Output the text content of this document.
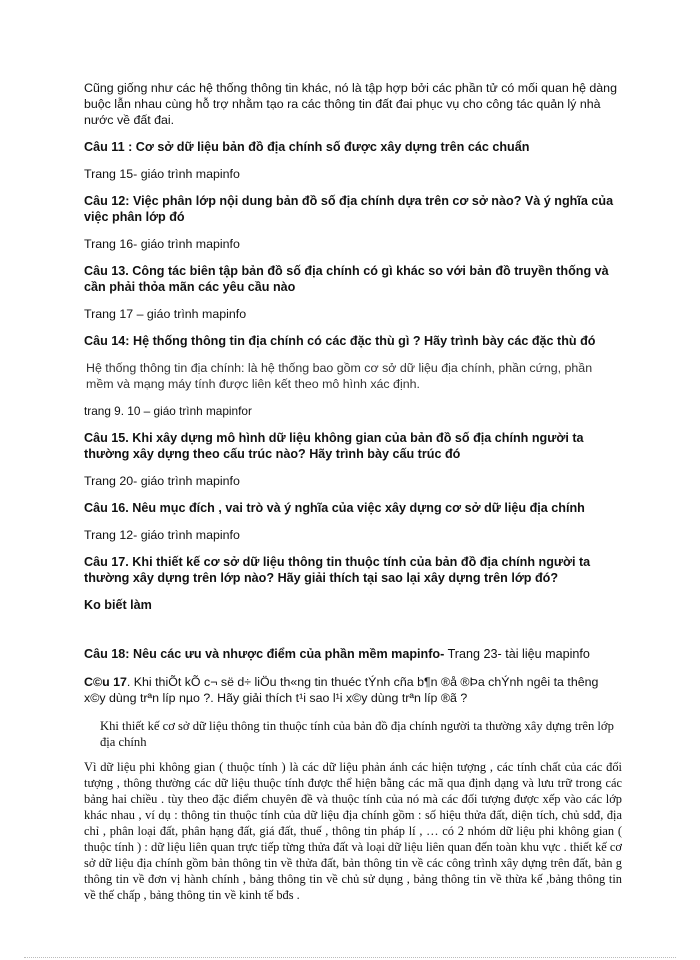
Cũng giống như các hệ thống thông tin khác, nó là tập hợp bởi các phần tử có mối quan hệ dàng buộc lẫn nhau cùng hỗ trợ nhằm tạo ra các thông tin đất đai phục vụ cho công tác quản lý nhà nước về đất đai.

Câu 11 : Cơ sở dữ liệu bản đồ địa chính số được xây dựng trên các chuẩn

Trang 15- giáo trình mapinfo

Câu 12: Việc phân lớp nội dung bản đồ số địa chính dựa trên cơ sở nào? Và ý nghĩa của việc phân lớp đó

Trang 16- giáo trình mapinfo

Câu 13. Công tác biên tập bản đồ số địa chính có gì khác so với bản đồ truyền thống và cần phải thỏa mãn các yêu cầu nào

Trang 17 – giáo trình mapinfo

Câu 14: Hệ thống thông tin địa chính có các đặc thù gì ? Hãy trình bày các đặc thù đó

Hệ thống thông tin địa chính: là hệ thống bao gồm cơ sở dữ liệu địa chính, phần cứng, phần mềm và mạng máy tính được liên kết theo mô hình xác định.

trang 9. 10 – giáo trình mapinfor

Câu 15. Khi xây dựng mô hình dữ liệu không gian của bản đồ số địa chính người ta thường xây dựng theo cấu trúc nào? Hãy trình bày cấu trúc đó

Trang 20- giáo trình mapinfo

Câu 16. Nêu mục đích , vai trò và ý nghĩa của việc xây dựng cơ sở dữ liệu địa chính

Trang 12- giáo trình mapinfo

Câu 17. Khi thiết kế cơ sở dữ liệu thông tin thuộc tính của bản đồ địa chính người ta thường xây dựng trên lớp nào? Hãy giải thích tại sao lại xây dựng trên lớp đó?

Ko biết làm

Câu 18: Nêu các ưu và nhược điểm của phần mềm mapinfo- Trang 23- tài liệu mapinfo

C©u 17. Khi thiÕt kÕ c¬ së d÷ liÖu th«ng tin thuéc tÝnh cña b¶n ®å ®Þa chÝnh ngêi ta thêng x©y dùng trªn líp nµo ?. Hãy giải thích t¹i sao l¹i x©y dùng trªn líp ®ã ?

Khi thiết kế cơ sở dữ liệu thông tin thuộc tính của bản đồ địa chính người ta thường xây dựng trên lớp địa chính

Vì dữ liệu phi không gian ( thuộc tính ) là các dữ liệu phản ánh các hiện tượng , các tính chất của các đối tượng , thông thường các dữ liệu thuộc tính được thể hiện bằng các mã qua định dạng và lưu trữ trong các bảng hai chiều . tùy theo đặc điểm chuyên đề và thuộc tính của nó mà các đối tượng được xếp vào các lớp khác nhau , ví dụ : thông tin thuộc tính của dữ liệu địa chính gồm : số hiệu thửa đất, diện tích, chủ sdđ, địa chỉ , phân loại đất, phân hạng đất, giá đất, thuế , thông tin pháp lí , … có 2 nhóm dữ liệu phi không gian ( thuộc tính ) : dữ liệu liên quan trực tiếp từng thửa đất và loại dữ liệu liên quan đến toàn khu vực . thiết kế cơ sở dữ liệu địa chính gồm bản thông tin về thửa đất, bản thông tin về các công trình xây dựng trên đất, bản g thông tin về đơn vị hành chính , bảng thông tin về chủ sử dụng , bảng thông tin về thừa kế ,bảng thông tin về thế chấp , bảng thông tin về kinh tế bđs .
